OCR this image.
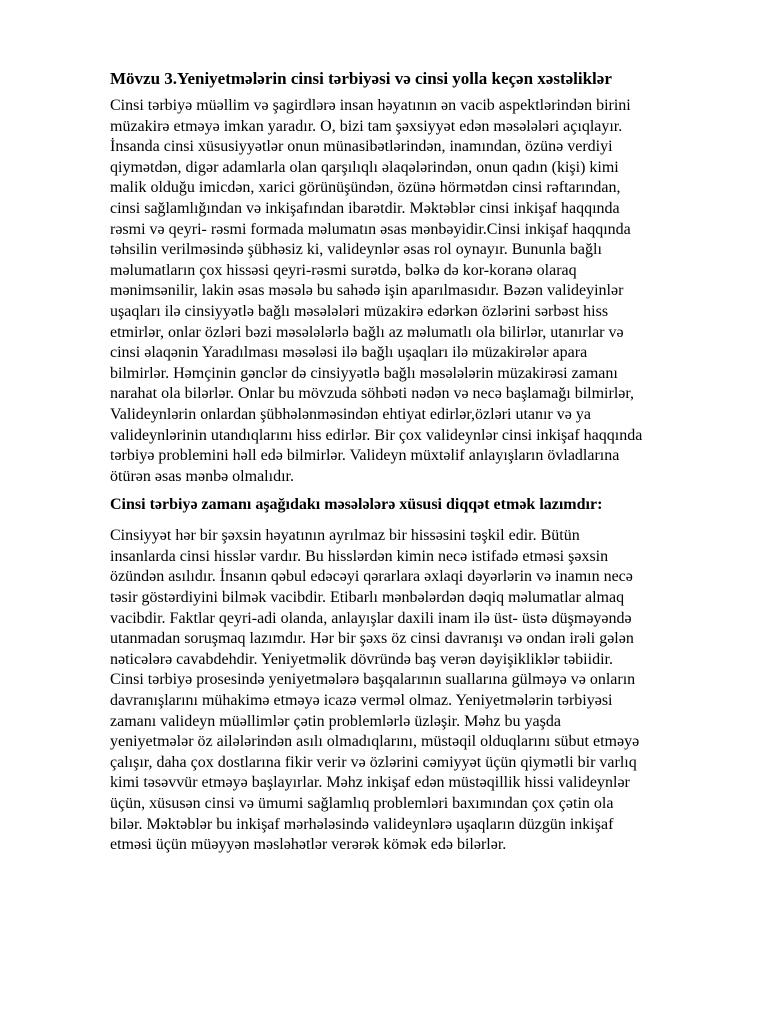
Mövzu 3.Yeniyetmələrin cinsi tərbiyəsi və cinsi yolla keçən xəstəliklər

Cinsi tərbiyə müəllim və şagirdlərə insan həyatının ən vacib aspektlərindən birini
müzakirə etməyə imkan yaradır. O, bizi tam şəxsiyyət edən məsələləri açıqlayır.
İnsanda cinsi xüsusiyyətlər onun münasibətlərindən, inamından, özünə verdiyi
qiymətdən, digər adamlarla olan qarşılıqlı əlaqələrindən, onun qadın (kişi) kimi
malik olduğu imicdən, xarici görünüşündən, özünə hörmətdən cinsi rəftarından,
cinsi sağlamlığından və inkişafından ibarətdir. Məktəblər cinsi inkişaf haqqında
rəsmi və qeyri- rəsmi formada məlumatın əsas mənbəyidir.Cinsi inkişaf haqqında
təhsilin verilməsində şübhəsiz ki, valideynlər əsas rol oynayır. Bununla bağlı
məlumatların çox hissəsi qeyri-rəsmi surətdə, bəlkə də kor-koranə olaraq
mənimsənilir, lakin əsas məsələ bu sahədə işin aparılmasıdır. Bəzən valideyinlər
uşaqları ilə cinsiyyətlə bağlı məsələləri müzakirə edərkən özlərini sərbəst hiss
etmirlər, onlar özləri bəzi məsələlərlə bağlı az məlumatlı ola bilirlər, utanırlar və
cinsi əlaqənin Yaradılması məsələsi ilə bağlı uşaqları ilə müzakirələr apara
bilmirlər. Həmçinin gənclər də cinsiyyətlə bağlı məsələlərin müzakirəsi zamanı
narahat ola bilərlər. Onlar bu mövzuda söhbəti nədən və necə başlamağı bilmirlər,
Valideynlərin onlardan şübhələnməsindən ehtiyat edirlər,özləri utanır və ya
valideynlərinin utandıqlarını hiss edirlər. Bir çox valideynlər cinsi inkişaf haqqında
tərbiyə problemini həll edə bilmirlər. Valideyn müxtəlif anlayışların övladlarına
ötürən əsas mənbə olmalıdır.

Cinsi tərbiyə zamanı aşağıdakı məsələlərə xüsusi diqqət etmək lazımdır:

Cinsiyyət hər bir şəxsin həyatının ayrılmaz bir hissəsini təşkil edir. Bütün
insanlarda cinsi hisslər vardır. Bu hisslərdən kimin necə istifadə etməsi şəxsin
özündən asılıdır. İnsanın qəbul edəcəyi qərarlara əxlaqi dəyərlərin və inamın necə
təsir göstərdiyini bilmək vacibdir. Etibarlı mənbələrdən dəqiq məlumatlar almaq
vacibdir. Faktlar qeyri-adi olanda, anlayışlar daxili inam ilə üst- üstə düşməyəndə
utanmadan soruşmaq lazımdır. Hər bir şəxs öz cinsi davranışı və ondan irəli gələn
nəticələrə cavabdehdir. Yeniyetməlik dövründə baş verən dəyişikliklər təbiidir.
Cinsi tərbiyə prosesində yeniyetmələrə başqalarının suallarına gülməyə və onların
davranışlarını mühakimə etməyə icazə verməl olmaz. Yeniyetmələrin tərbiyəsi
zamanı valideyn müəllimlər çətin problemlərlə üzləşir. Məhz bu yaşda
yeniyetmələr öz ailələrindən asılı olmadıqlarını, müstəqil olduqlarını sübut etməyə
çalışır, daha çox dostlarına fikir verir və özlərini cəmiyyət üçün qiymətli bir varlıq
kimi təsəvvür etməyə başlayırlar. Məhz inkişaf edən müstəqillik hissi valideynlər
üçün, xüsusən cinsi və ümumi sağlamlıq problemləri baxımından çox çətin ola
bilər. Məktəblər bu inkişaf mərhələsində valideynlərə uşaqların düzgün inkişaf
etməsi üçün müəyyən məsləhətlər verərək kömək edə bilərlər.
